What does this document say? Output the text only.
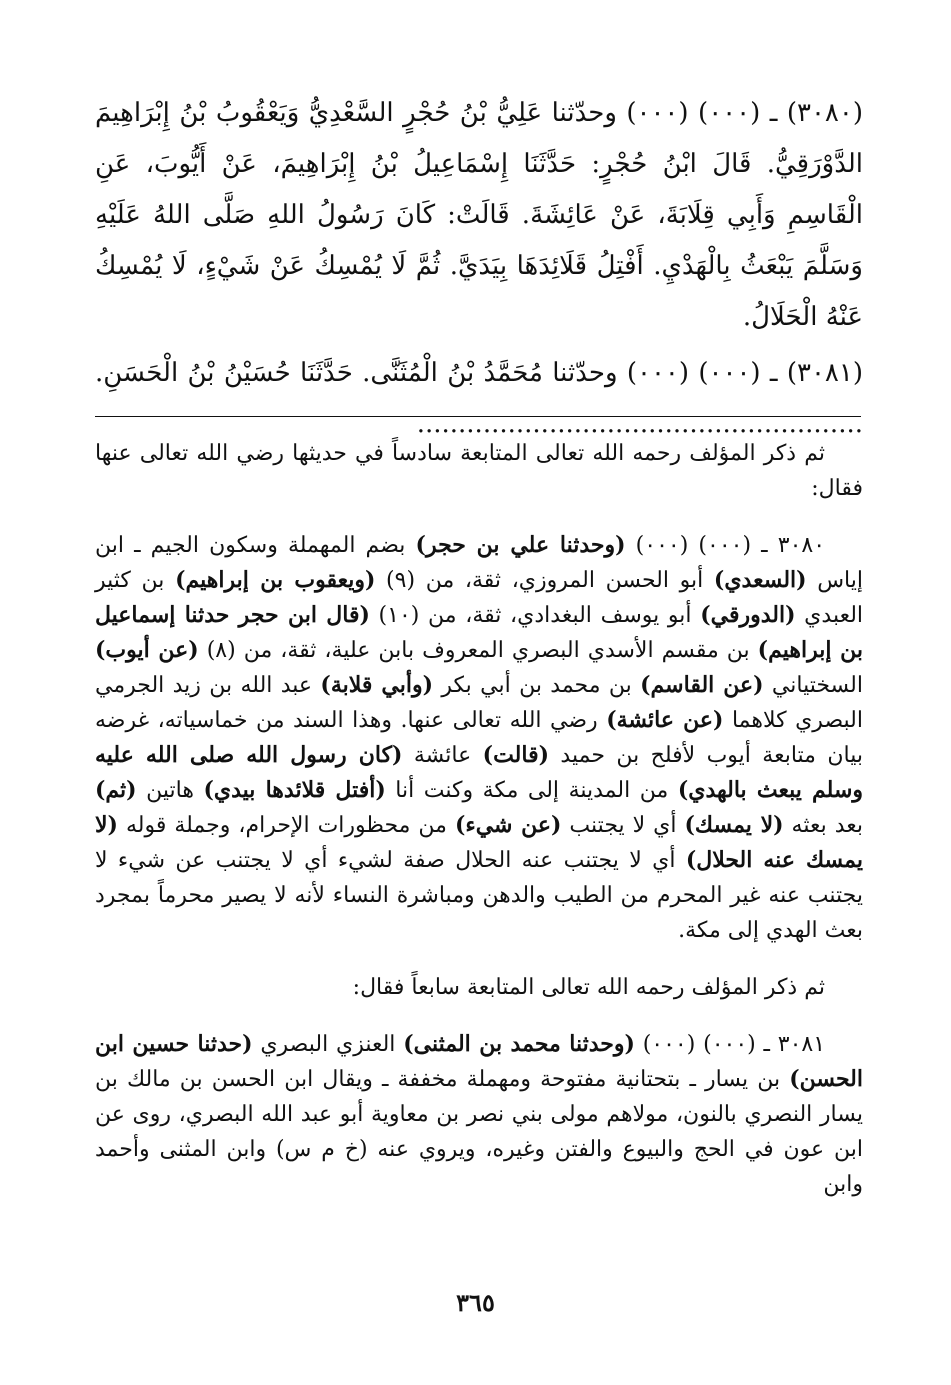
(٣٠٨٠) ـ (٠٠٠) (٠٠٠) وحدّثنا عَلِيُّ بْنُ حُجْرٍ السَّعْدِيُّ وَيَعْقُوبُ بْنُ إِبْرَاهِيمَ الدَّوْرَقِيُّ. قَالَ ابْنُ حُجْرٍ: حَدَّثَنَا إِسْمَاعِيلُ بْنُ إِبْرَاهِيمَ، عَنْ أَيُّوبَ، عَنِ الْقَاسِمِ وَأَبِي قِلَابَةَ، عَنْ عَائِشَةَ. قَالَتْ: كَانَ رَسُولُ اللهِ صَلَّى اللهُ عَلَيْهِ وَسَلَّمَ يَبْعَثُ بِالْهَدْيِ. أَفْتِلُ قَلَائِدَهَا بِيَدَيَّ. ثُمَّ لَا يُمْسِكُ عَنْ شَيْءٍ، لَا يُمْسِكُ عَنْهُ الْحَلَالُ.

(٣٠٨١) ـ (٠٠٠) (٠٠٠) وحدّثنا مُحَمَّدُ بْنُ الْمُثَنَّى. حَدَّثَنَا حُسَيْنُ بْنُ الْحَسَنِ. ......................................................

ثم ذكر المؤلف رحمه الله تعالى المتابعة سادساً في حديثها رضي الله تعالى عنها فقال:

٣٠٨٠ ـ (٠٠٠) (٠٠٠) (وحدثنا علي بن حجر) بضم المهملة وسكون الجيم ـ ابن إياس (السعدي) أبو الحسن المروزي، ثقة، من (٩) (ويعقوب بن إبراهيم) بن كثير العبدي (الدورقي) أبو يوسف البغدادي، ثقة، من (١٠) (قال ابن حجر حدثنا إسماعيل بن إبراهيم) بن مقسم الأسدي البصري المعروف بابن علية، ثقة، من (٨) (عن أيوب) السختياني (عن القاسم) بن محمد بن أبي بكر (وأبي قلابة) عبد الله بن زيد الجرمي البصري كلاهما (عن عائشة) رضي الله تعالى عنها. وهذا السند من خماسياته، غرضه بيان متابعة أيوب لأفلح بن حميد (قالت) عائشة (كان رسول الله صلى الله عليه وسلم يبعث بالهدي) من المدينة إلى مكة وكنت أنا (أفتل قلائدها بيدي) هاتين (ثم) بعد بعثه (لا يمسك) أي لا يجتنب (عن شيء) من محظورات الإحرام، وجملة قوله (لا يمسك عنه الحلال) أي لا يجتنب عنه الحلال صفة لشيء أي لا يجتنب عن شيء لا يجتنب عنه غير المحرم من الطيب والدهن ومباشرة النساء لأنه لا يصير محرماً بمجرد بعث الهدي إلى مكة.

ثم ذكر المؤلف رحمه الله تعالى المتابعة سابعاً فقال:

٣٠٨١ ـ (٠٠٠) (٠٠٠) (وحدثنا محمد بن المثنى) العنزي البصري (حدثنا حسين ابن الحسن) بن يسار ـ بتحتانية مفتوحة ومهملة مخففة ـ ويقال ابن الحسن بن مالك بن يسار النصري بالنون، مولاهم مولى بني نصر بن معاوية أبو عبد الله البصري، روى عن ابن عون في الحج والبيوع والفتن وغيره، ويروي عنه (خ م س) وابن المثنى وأحمد وابن

٣٦٥
